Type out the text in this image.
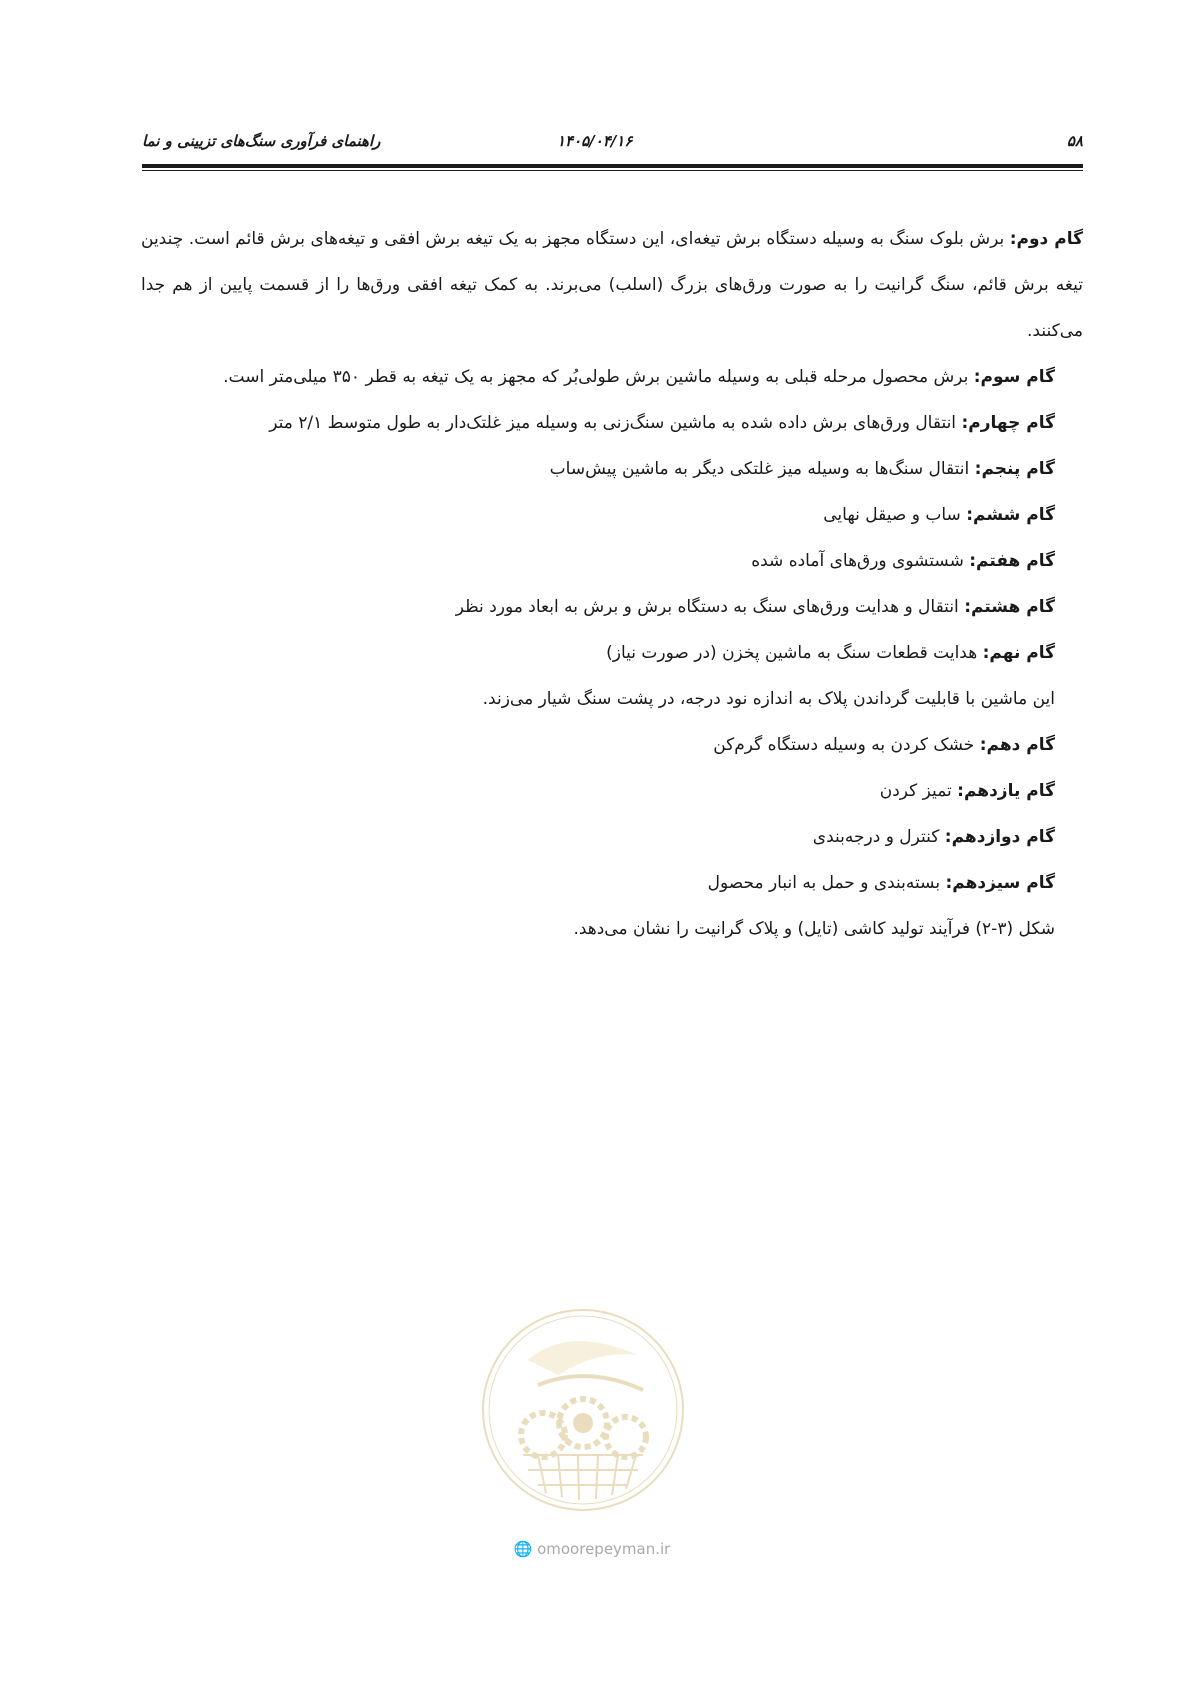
۵۸
۱۴۰۵/۰۴/۱۶
راهنمای فرآوری سنگ‌های تزیینی و نما

گام دوم: برش بلوک سنگ به وسیله دستگاه برش تیغه‌ای، این دستگاه مجهز به یک تیغه برش افقی و تیغه‌های برش قائم است. چندین تیغه برش قائم، سنگ گرانیت را به صورت ورق‌های بزرگ (اسلب) می‌برند. به کمک تیغه افقی ورق‌ها را از قسمت پایین از هم جدا می‌کنند.

گام سوم: برش محصول مرحله قبلی به وسیله ماشین برش طولی‌بُر که مجهز به یک تیغه به قطر ۳۵۰ میلی‌متر است.

گام چهارم: انتقال ورق‌های برش داده شده به ماشین سنگ‌زنی به وسیله میز غلتک‌دار به طول متوسط ۲/۱ متر

گام پنجم: انتقال سنگ‌ها به وسیله میز غلتکی دیگر به ماشین پیش‌ساب

گام ششم: ساب و صیقل نهایی

گام هفتم: شستشوی ورق‌های آماده شده

گام هشتم: انتقال و هدایت ورق‌های سنگ به دستگاه برش و برش به ابعاد مورد نظر

گام نهم: هدایت قطعات سنگ به ماشین پخزن (در صورت نیاز)

این ماشین با قابلیت گرداندن پلاک به اندازه نود درجه، در پشت سنگ شیار می‌زند.

گام دهم: خشک کردن به وسیله دستگاه گرم‌کن

گام یازدهم: تمیز کردن

گام دوازدهم: کنترل و درجه‌بندی

گام سیزدهم: بسته‌بندی و حمل به انبار محصول

شکل (۳-۲) فرآیند تولید کاشی (تایل) و پلاک گرانیت را نشان می‌دهد.

🌐 omoorepeyman.ir
